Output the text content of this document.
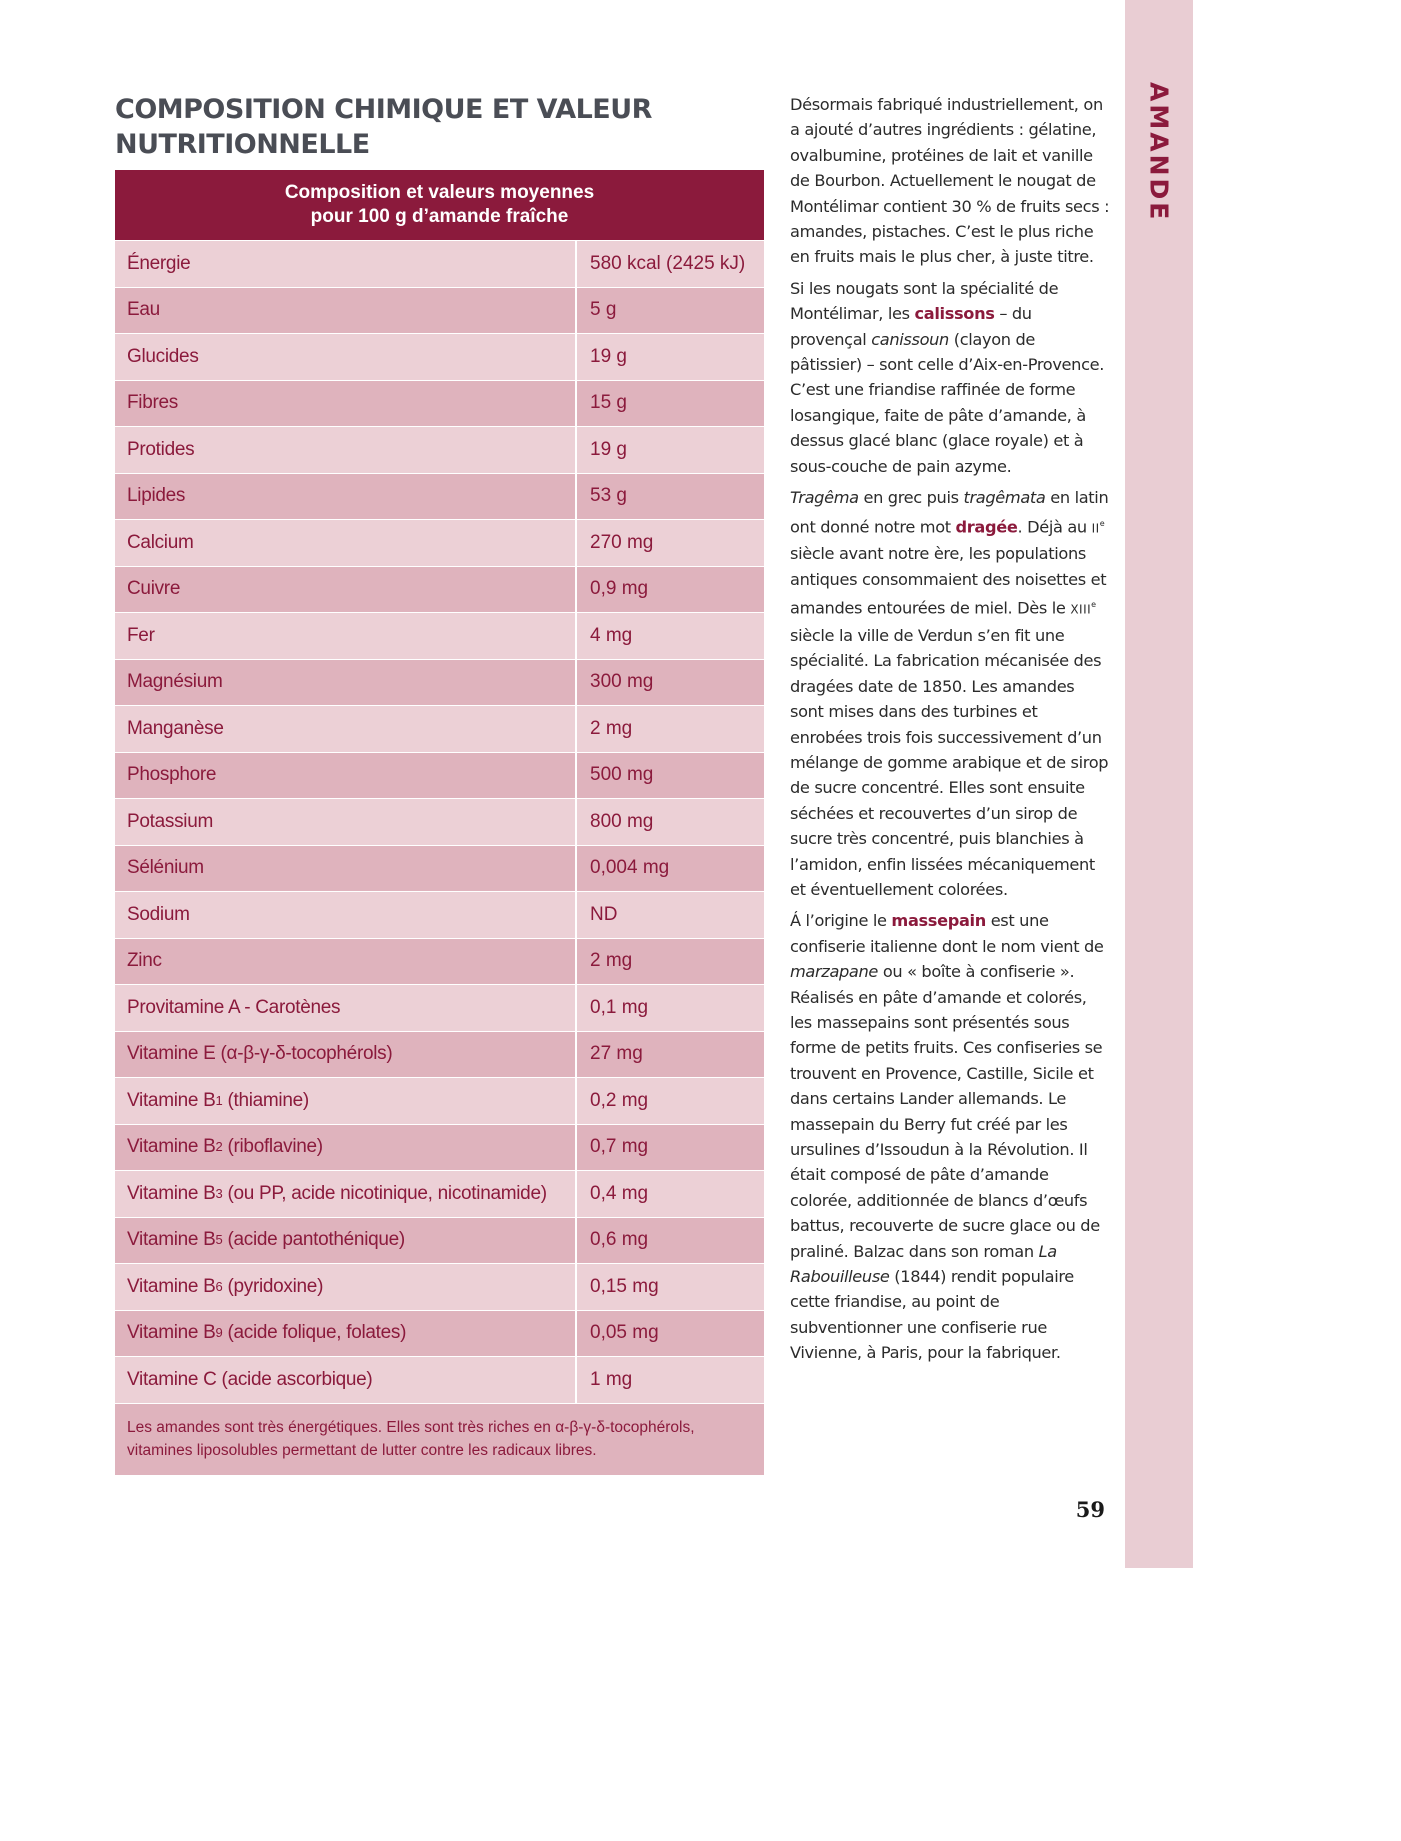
AMANDE
COMPOSITION CHIMIQUE ET VALEUR NUTRITIONNELLE
Composition et valeurs moyennes
pour 100 g d’amande fraîche
Énergie	580 kcal (2425 kJ)
Eau	5 g
Glucides	19 g
Fibres	15 g
Protides	19 g
Lipides	53 g
Calcium	270 mg
Cuivre	0,9 mg
Fer	4 mg
Magnésium	300 mg
Manganèse	2 mg
Phosphore	500 mg
Potassium	800 mg
Sélénium	0,004 mg
Sodium	ND
Zinc	2 mg
Provitamine A - Carotènes	0,1 mg
Vitamine E (α-β-γ-δ-tocophérols)	27 mg
Vitamine B 1 (thiamine)	0,2 mg
Vitamine B 2 (riboflavine)	0,7 mg
Vitamine B 3 (ou PP, acide nicotinique, nicotinamide)	0,4 mg
Vitamine B 5 (acide pantothénique)	0,6 mg
Vitamine B 6 (pyridoxine)	0,15 mg
Vitamine B 9 (acide folique, folates)	0,05 mg
Vitamine C (acide ascorbique)	1 mg
Les amandes sont très énergétiques. Elles sont très riches en α-β-γ-δ-tocophérols, vitamines liposolubles permettant de lutter contre les radicaux libres.

Désormais fabriqué industriellement, on a ajouté d’autres ingrédients : gélatine, ovalbumine, protéines de lait et vanille de Bourbon. Actuellement le nougat de Montélimar contient 30 % de fruits secs : amandes, pistaches. C’est le plus riche en fruits mais le plus cher, à juste titre.

Si les nougats sont la spécialité de Montélimar, les calissons – du provençal canissoun (clayon de pâtissier) – sont celle d’Aix-en-Provence. C’est une friandise raffinée de forme losangique, faite de pâte d’amande, à dessus glacé blanc (glace royale) et à sous-couche de pain azyme.

Tragêma en grec puis tragêmata en latin ont donné notre mot dragée. Déjà au IIe siècle avant notre ère, les populations antiques consommaient des noisettes et amandes entourées de miel. Dès le XIIIe siècle la ville de Verdun s’en fit une spécialité. La fabrication mécanisée des dragées date de 1850. Les amandes sont mises dans des turbines et enrobées trois fois successivement d’un mélange de gomme arabique et de sirop de sucre concentré. Elles sont ensuite séchées et recouvertes d’un sirop de sucre très concentré, puis blanchies à l’amidon, enfin lissées mécaniquement et éventuellement colorées.

Á l’origine le massepain est une confiserie italienne dont le nom vient de marzapane ou « boîte à confiserie ». Réalisés en pâte d’amande et colorés, les massepains sont présentés sous forme de petits fruits. Ces confiseries se trouvent en Provence, Castille, Sicile et dans certains Lander allemands. Le massepain du Berry fut créé par les ursulines d’Issoudun à la Révolution. Il était composé de pâte d’amande colorée, additionnée de blancs d’œufs battus, recouverte de sucre glace ou de praliné. Balzac dans son roman La Rabouilleuse (1844) rendit populaire cette friandise, au point de subventionner une confiserie rue Vivienne, à Paris, pour la fabriquer.

59
